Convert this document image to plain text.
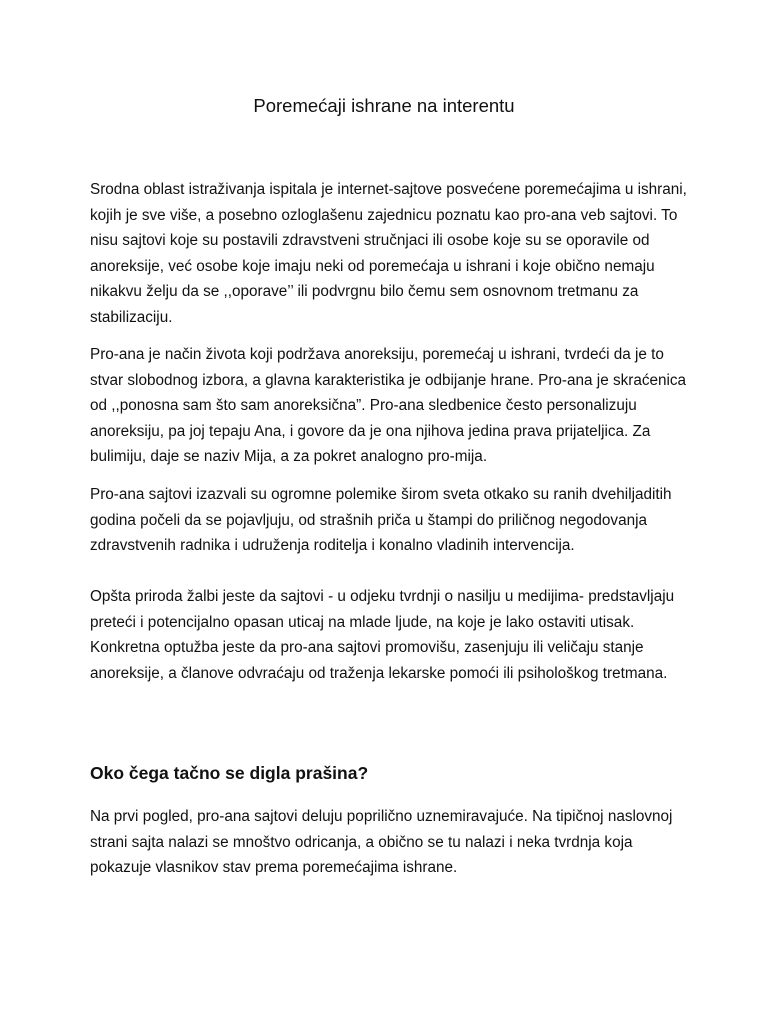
Poremećaji ishrane na interentu

Srodna oblast istraživanja ispitala je internet-sajtove posvećene poremećajima u ishrani, kojih je sve više, a posebno ozloglašenu zajednicu poznatu kao pro-ana veb sajtovi. To nisu sajtovi koje su postavili zdravstveni stručnjaci ili osobe koje su se oporavile od anoreksije, već osobe koje imaju neki od poremećaja u ishrani i koje obično nemaju nikakvu želju da se ,,oporave’’ ili podvrgnu bilo čemu sem osnovnom tretmanu za stabilizaciju.

Pro-ana je način života koji podržava anoreksiju, poremećaj u ishrani, tvrdeći da je to stvar slobodnog izbora, a glavna karakteristika je odbijanje hrane. Pro-ana je skraćenica od ,,ponosna sam što sam anoreksična”. Pro-ana sledbenice često personalizuju anoreksiju, pa joj tepaju Ana, i govore da je ona njihova jedina prava prijateljica. Za bulimiju, daje se naziv Mija, a za pokret analogno pro-mija.

Pro-ana sajtovi izazvali su ogromne polemike širom sveta otkako su ranih dvehiljaditih godina počeli da se pojavljuju, od strašnih priča u štampi do priličnog negodovanja zdravstvenih radnika i udruženja roditelja i konalno vladinih intervencija.

Opšta priroda žalbi jeste da sajtovi - u odjeku tvrdnji o nasilju u medijima- predstavljaju preteći i potencijalno opasan uticaj na mlade ljude, na koje je lako ostaviti utisak. Konkretna optužba jeste da pro-ana sajtovi promovišu, zasenjuju ili veličaju stanje anoreksije, a članove odvraćaju od traženja lekarske pomoći ili psihološkog tretmana.

Oko čega tačno se digla prašina?

Na prvi pogled, pro-ana sajtovi deluju poprilično uznemiravajuće. Na tipičnoj naslovnoj strani sajta nalazi se mnoštvo odricanja, a obično se tu nalazi i neka tvrdnja koja pokazuje vlasnikov stav prema poremećajima ishrane.
